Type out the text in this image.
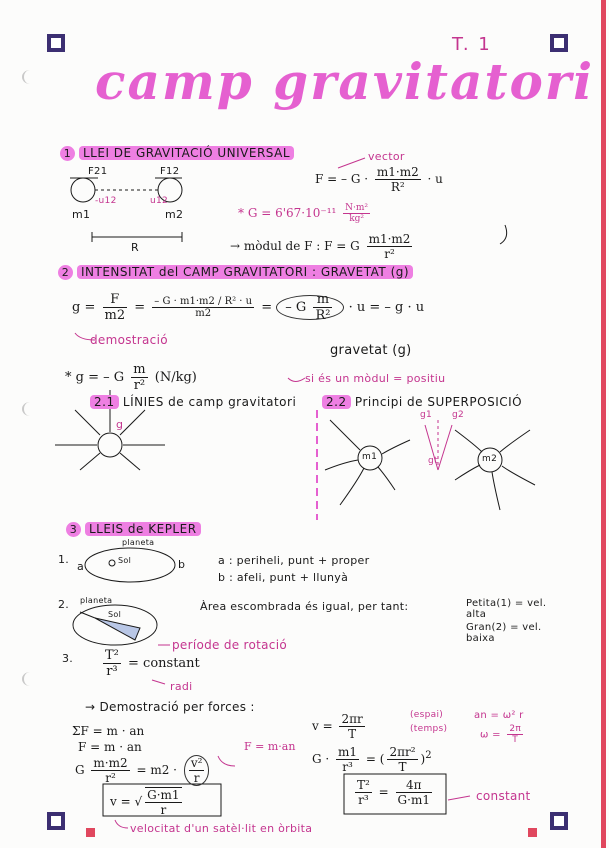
T. 1
camp gravitatori
1 LLEI DE GRAVITACIÓ UNIVERSAL	vector
F21	F12
-u12	u12
m1	m2
R
F = – $G \cdot \frac{m1\cdot m2}{\text{R²}} \cdot u$
* $G = 6'67\cdot 10^{-11} \frac{\text{N·m²}}{\text{kg²}}$
→ mòdul de F : F = G $\frac{m1\cdot m2}{\text{r²}}$
2 INTENSITAT del CAMP GRAVITATORI : GRAVETAT (g)
$g = \frac{F}{m2} = \frac{\text{– G · m1·m2 / R² · u}}{m2}$ = – G $\frac{m}{\text{R²}} \cdot u$ = – g · u
demostració
gravetat (g)
* g = – G $\frac{m}{\text{r²}} (N/kg)$	si és un mòdul = positiu
2.1 LÍNIES de camp gravitatori	2.2 Principi de SUPERPOSICIÓ
g
m1	m2
g1 g2
gt
3 LLEIS de KEPLER
1.
planeta
Sol
a	b	a : periheli, punt + proper
b : afeli, punt + llunyà
2. planeta
Sol
Àrea escombrada és igual, per tant:	Petita(1) = vel. alta
Gran(2) = vel. baixa
3. $\frac{\text{T²}}{\text{r³}}$ = constant
període de rotació
radi
→ Demostració per forces :
ΣF = m · an
F = m · an
G $\frac{m\cdot m2}{\text{r²}} = m2 \cdot \frac{\text{v²}}{r}$
$v = \frac{2\pi r}{T}$	(espai)
(temps)
an = ω² r
$\omega = \frac{2\pi}{T}$
F = m·an
$G \cdot \frac{m1}{\text{r³}}$ = ( $\frac{\text{2πr²}}{T} )^2$
v = √ $\frac{G\cdot m1}{r}$	$\frac{\text{T²}}{\text{r³}} = \frac{4\pi}{G\cdot m1}$	constant
velocitat d'un satèl·lit en òrbita
